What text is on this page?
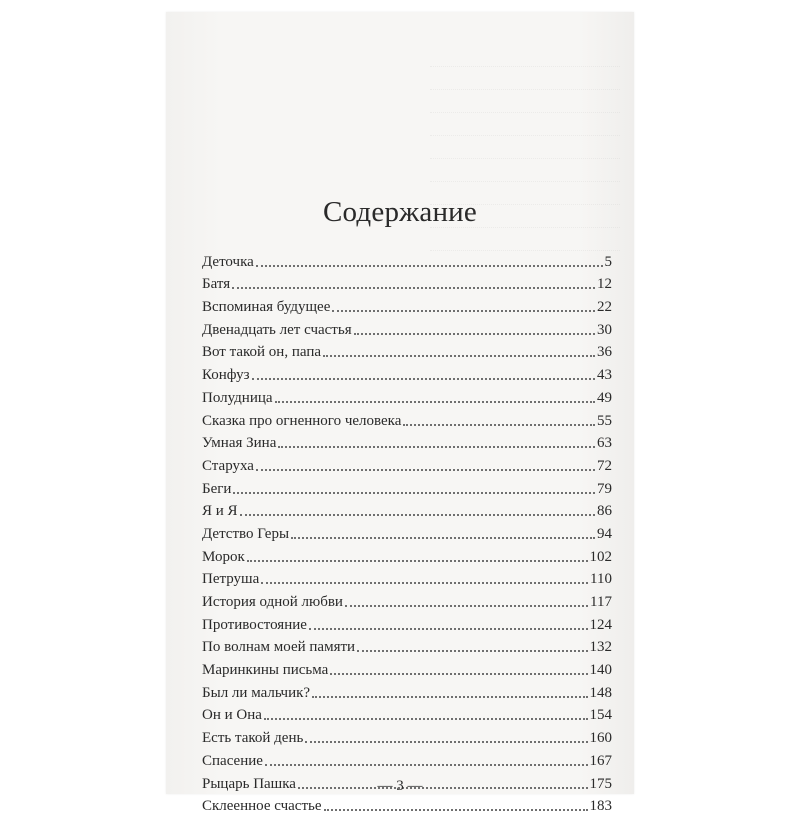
Содержание
Деточка	5
Батя	12
Вспоминая будущее	22
Двенадцать лет счастья	30
Вот такой он, папа	36
Конфуз	43
Полудница	49
Сказка про огненного человека	55
Умная Зина	63
Старуха	72
Беги	79
Я и Я	86
Детство Геры	94
Морок	102
Петруша	110
История одной любви	117
Противостояние	124
По волнам моей памяти	132
Маринкины письма	140
Был ли мальчик?	148
Он и Она	154
Есть такой день	160
Спасение	167
Рыцарь Пашка	175
Склеенное счастье	183
— 3 —
